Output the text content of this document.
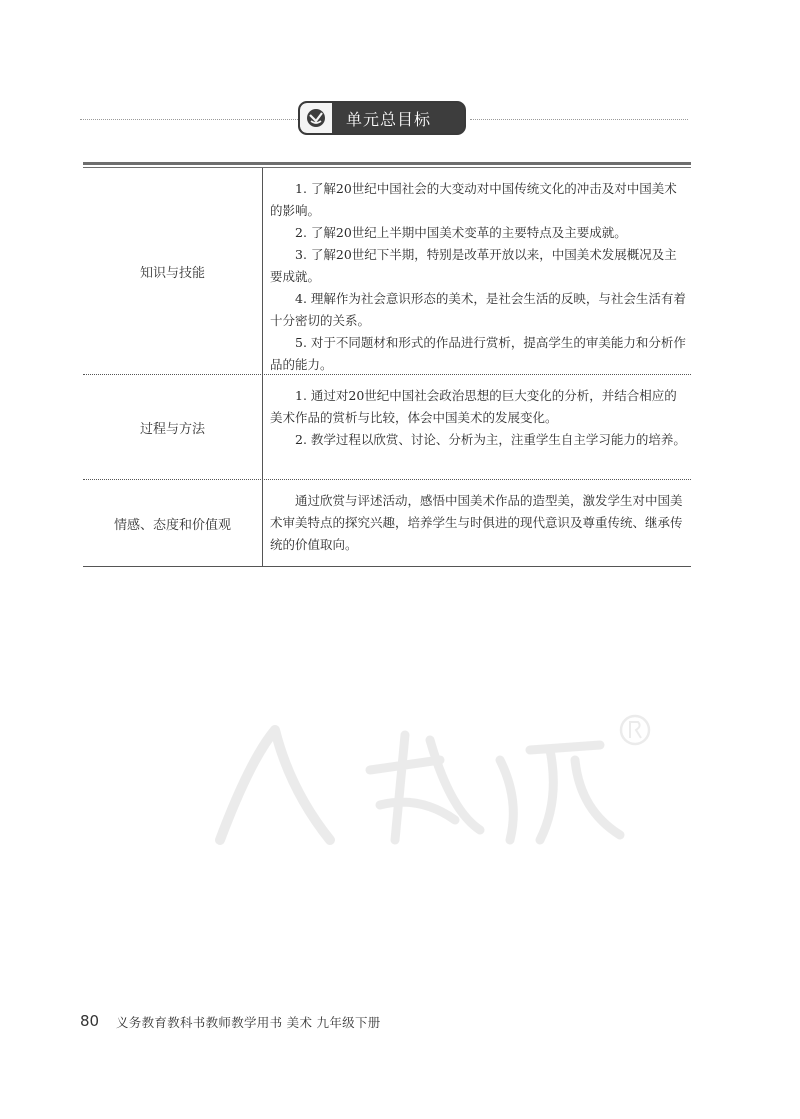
单元总目标
知识与技能

1. 了解20世纪中国社会的大变动对中国传统文化的冲击及对中国美术的影响。

2. 了解20世纪上半期中国美术变革的主要特点及主要成就。

3. 了解20世纪下半期，特别是改革开放以来，中国美术发展概况及主要成就。

4. 理解作为社会意识形态的美术，是社会生活的反映，与社会生活有着十分密切的关系。

5. 对于不同题材和形式的作品进行赏析，提高学生的审美能力和分析作品的能力。

过程与方法

1. 通过对20世纪中国社会政治思想的巨大变化的分析，并结合相应的美术作品的赏析与比较，体会中国美术的发展变化。

2. 教学过程以欣赏、讨论、分析为主，注重学生自主学习能力的培养。

情感、态度和价值观

通过欣赏与评述活动，感悟中国美术作品的造型美，激发学生对中国美术审美特点的探究兴趣，培养学生与时俱进的现代意识及尊重传统、继承传统的价值取向。

80 义务教育教科书教师教学用书 美术 九年级下册
